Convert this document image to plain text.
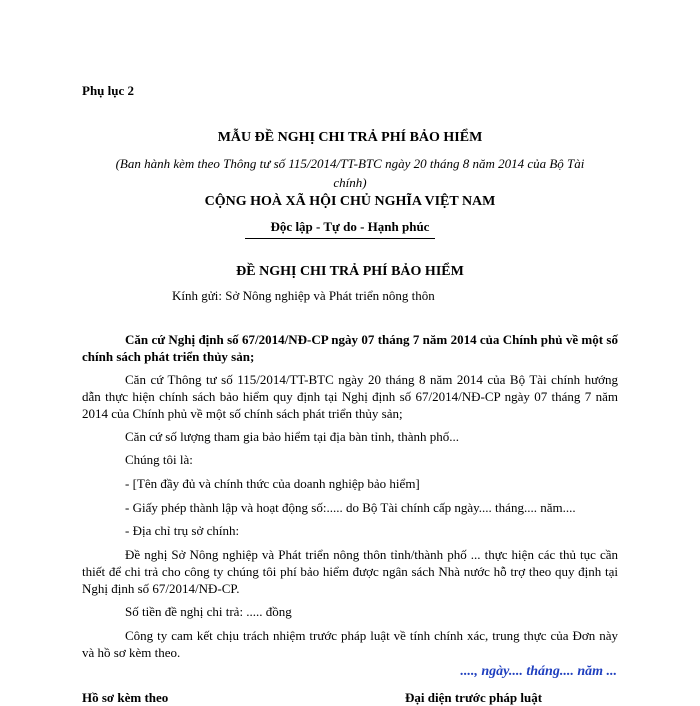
Phụ lục 2
MẪU ĐỀ NGHỊ CHI TRẢ PHÍ BẢO HIỂM
(Ban hành kèm theo Thông tư số 115/2014/TT-BTC ngày 20 tháng 8 năm 2014 của Bộ Tài chính)
CỘNG HOÀ XÃ HỘI CHỦ NGHĨA VIỆT NAM
Độc lập - Tự do - Hạnh phúc
ĐỀ NGHỊ CHI TRẢ PHÍ BẢO HIỂM
Kính gửi: Sở Nông nghiệp và Phát triển nông thôn
Căn cứ Nghị định số 67/2014/NĐ-CP ngày 07 tháng 7 năm 2014 của Chính phủ về một số chính sách phát triển thủy sản;
Căn cứ Thông tư số 115/2014/TT-BTC ngày 20 tháng 8 năm 2014 của Bộ Tài chính hướng dẫn thực hiện chính sách bảo hiểm quy định tại Nghị định số 67/2014/NĐ-CP ngày 07 tháng 7 năm 2014 của Chính phủ về một số chính sách phát triển thủy sản;
Căn cứ số lượng tham gia bảo hiểm tại địa bàn tỉnh, thành phố...
Chúng tôi là:
- [Tên đầy đủ và chính thức của doanh nghiệp bảo hiểm]
- Giấy phép thành lập và hoạt động số:..... do Bộ Tài chính cấp ngày.... tháng.... năm....
- Địa chỉ trụ sở chính:
Đề nghị Sở Nông nghiệp và Phát triển nông thôn tỉnh/thành phố ... thực hiện các thủ tục cần thiết để chi trả cho công ty chúng tôi phí bảo hiểm được ngân sách Nhà nước hỗ trợ theo quy định tại Nghị định số 67/2014/NĐ-CP.
Số tiền đề nghị chi trả: ..... đồng
Công ty cam kết chịu trách nhiệm trước pháp luật về tính chính xác, trung thực của Đơn này và hồ sơ kèm theo.
...., ngày.... tháng.... năm ...
Hồ sơ kèm theo	Đại diện trước pháp luật
